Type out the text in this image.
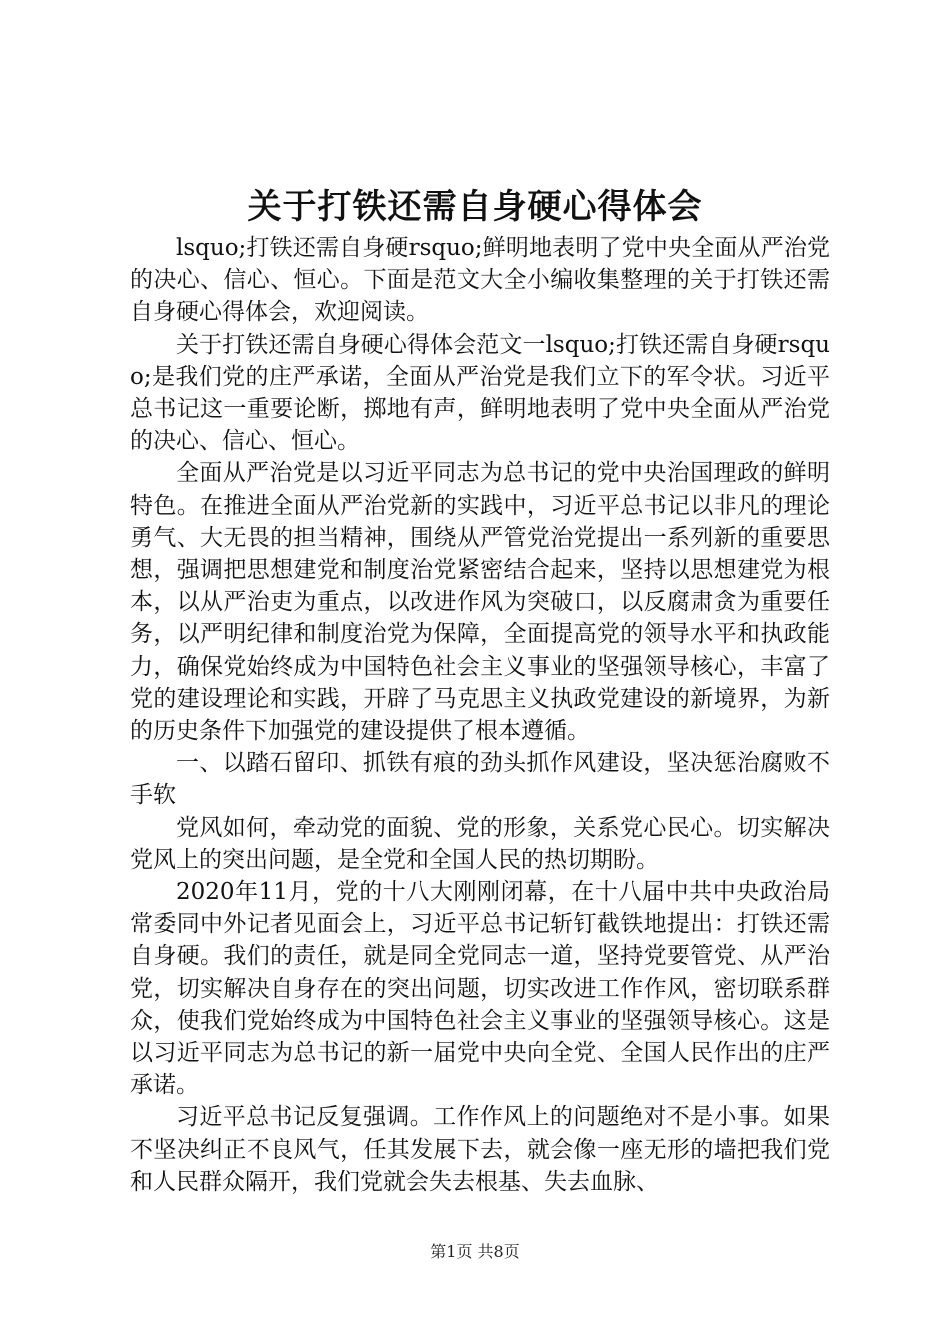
关于打铁还需自身硬心得体会

lsquo;打铁还需自身硬rsquo;鲜明地表明了党中央全面从严治党的决心、信心、恒心。下面是范文大全小编收集整理的关于打铁还需自身硬心得体会，欢迎阅读。

关于打铁还需自身硬心得体会范文一lsquo;打铁还需自身硬rsquo;是我们党的庄严承诺，全面从严治党是我们立下的军令状。习近平总书记这一重要论断，掷地有声，鲜明地表明了党中央全面从严治党的决心、信心、恒心。

全面从严治党是以习近平同志为总书记的党中央治国理政的鲜明特色。在推进全面从严治党新的实践中，习近平总书记以非凡的理论勇气、大无畏的担当精神，围绕从严管党治党提出一系列新的重要思想，强调把思想建党和制度治党紧密结合起来，坚持以思想建党为根本，以从严治吏为重点，以改进作风为突破口，以反腐肃贪为重要任务，以严明纪律和制度治党为保障，全面提高党的领导水平和执政能力，确保党始终成为中国特色社会主义事业的坚强领导核心，丰富了党的建设理论和实践，开辟了马克思主义执政党建设的新境界，为新的历史条件下加强党的建设提供了根本遵循。

一、以踏石留印、抓铁有痕的劲头抓作风建设，坚决惩治腐败不手软

党风如何，牵动党的面貌、党的形象，关系党心民心。切实解决党风上的突出问题，是全党和全国人民的热切期盼。

2020年11月，党的十八大刚刚闭幕，在十八届中共中央政治局常委同中外记者见面会上，习近平总书记斩钉截铁地提出：打铁还需自身硬。我们的责任，就是同全党同志一道，坚持党要管党、从严治党，切实解决自身存在的突出问题，切实改进工作作风，密切联系群众，使我们党始终成为中国特色社会主义事业的坚强领导核心。这是以习近平同志为总书记的新一届党中央向全党、全国人民作出的庄严承诺。

习近平总书记反复强调。工作作风上的问题绝对不是小事。如果不坚决纠正不良风气，任其发展下去，就会像一座无形的墙把我们党和人民群众隔开，我们党就会失去根基、失去血脉、

第1页 共8页
